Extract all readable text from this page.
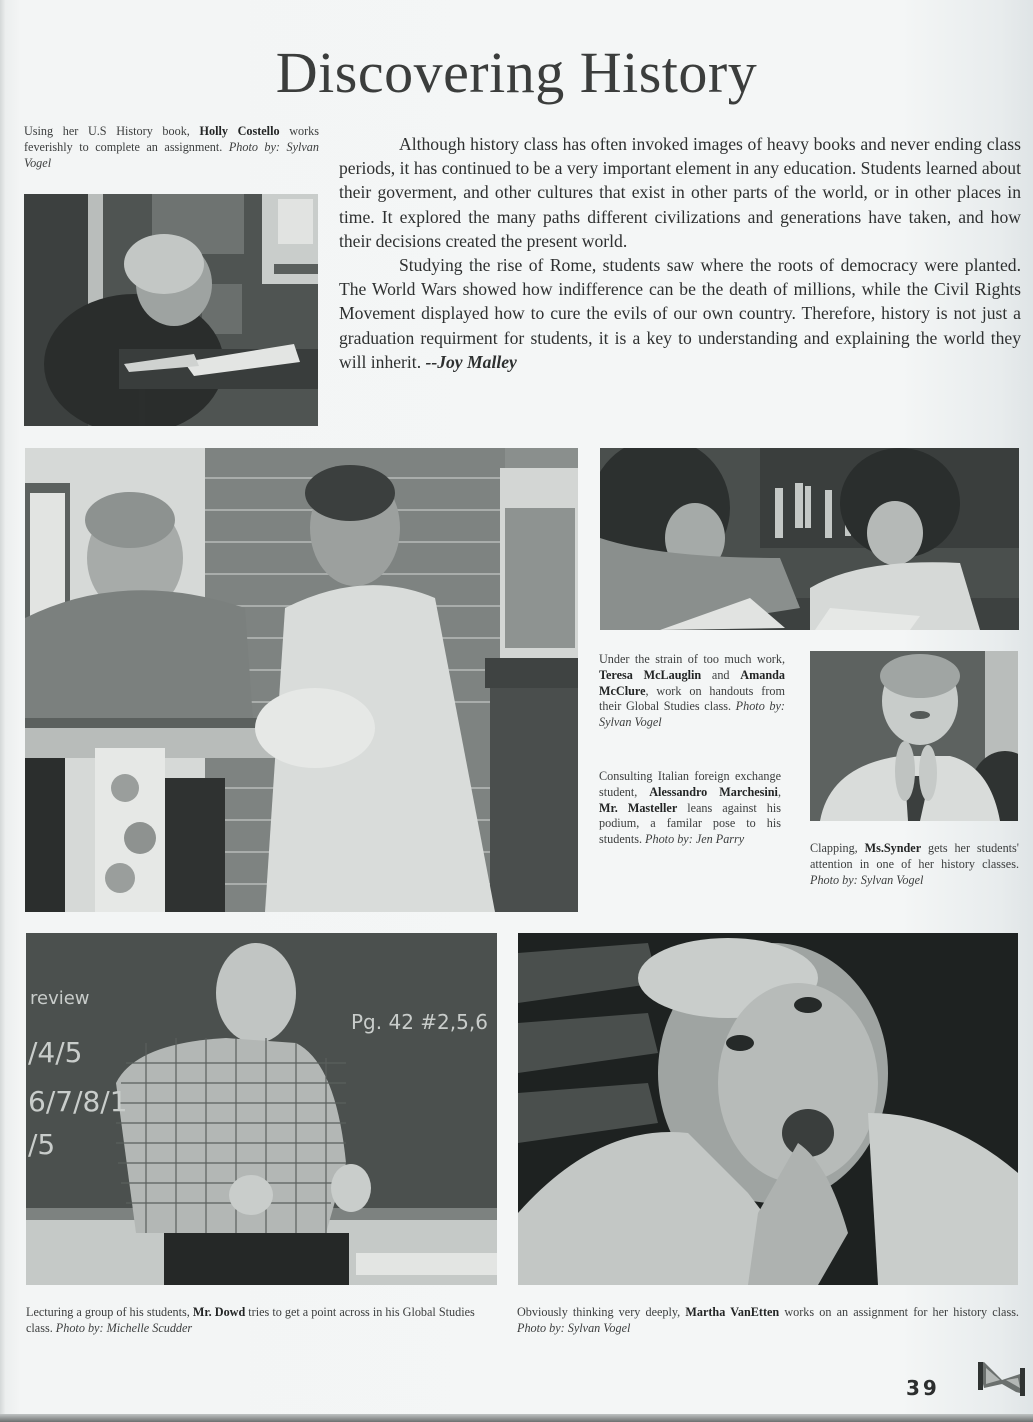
Discovering History
Using her U.S History book, Holly Costello works feverishly to complete an assignment. Photo by: Sylvan Vogel

Although history class has often invoked images of heavy books and never ending class periods, it has continued to be a very important element in any education. Students learned about their goverment, and other cultures that exist in other parts of the world, or in other places in time. It explored the many paths different civilizations and generations have taken, and how their decisions created the present world.

Studying the rise of Rome, students saw where the roots of democracy were planted. The World Wars showed how indifference can be the death of millions, while the Civil Rights Movement displayed how to cure the evils of our own country. Therefore, history is not just a graduation requirment for students, it is a key to understanding and explaining the world they will inherit. --Joy Malley

Under the strain of too much work, Teresa McLauglin and Amanda McClure, work on handouts from their Global Studies class. Photo by: Sylvan Vogel
Consulting Italian foreign exchange student, Alessandro Marchesini, Mr. Masteller leans against his podium, a familar pose to his students. Photo by: Jen Parry
Clapping, Ms.Synder gets her students' attention in one of her history classes. Photo by: Sylvan Vogel
review
/4/5
6/7/8/1
/5
Pg. 42 #2,5,6
Lecturing a group of his students, Mr. Dowd tries to get a point across in his Global Studies class. Photo by: Michelle Scudder
Obviously thinking very deeply, Martha VanEtten works on an assignment for her history class. Photo by: Sylvan Vogel
39
